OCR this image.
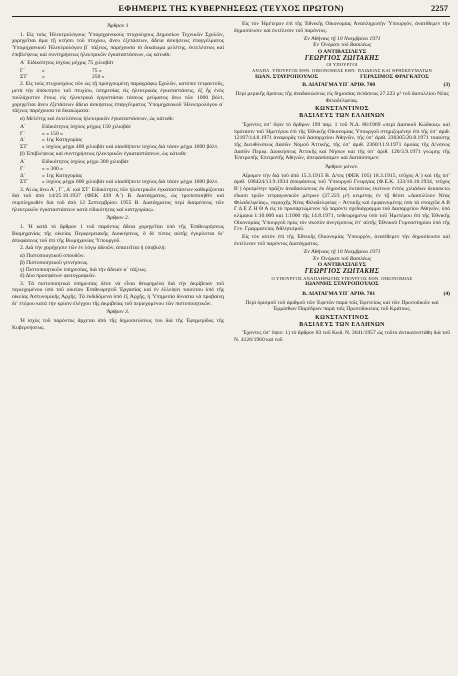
ΕΦΗΜΕΡΙΣ ΤΗΣ ΚΥΒΕΡΝΗΣΕΩΣ (ΤΕΥΧΟΣ ΠΡΩΤΟΝ)	2257
Ἄρθρον 1

1. Εἰς τοὺς Ἠλεκτρολόγους Ὑπομηχανικοὺς πτυχιούχους Δημοσίων Τεχνικῶν Σχολῶν, χορηγεῖται ἄμα τῇ κτήσει τοῦ πτυχίου, ἄνευ ἐξετάσεων, ἄδεια ἀσκήσεως ἐπαγγέλματος Ὑπομηχανικοῦ Ἠλεκτρολόγου β΄ τάξεως, παρέχουσα τὸ δικαίωμα μελέτης, ἐκτελέσεως καὶ ἐπιβλέψεως καὶ συντηρήσεως ἠλεκτρικῶν ἐγκαταστάσεων, ὡς κάτωθι:

Α΄ Εἰδικότητος ἰσχύος μέχρις 75 χιλιοβάτ

Γ΄	»	75 »
ΣΤ΄ »	250 »

2. Εἰς τοὺς πτυχιούχους τῶν ὡς τῇ προηγουμένῃ παραγράφῳ Σχολῶν, κατόπιν τετραετοῦς, μετὰ τὴν ἀπόκτησιν τοῦ πτυχίου, ὑπηρεσίας εἰς ἠλεκτρικὰς ἐγκαταστάσεις, ἐξ ἧς ἑνὸς τοὐλάχιστον ἔτους εἰς ἠλεκτρικὰ ἐργοστάσια τάσεως ρεύματος ἄνω τῶν 1000 βόλτ, χορηγεῖται ἄνευ ἐξετάσεων ἄδεια ἀσκήσεως ἐπαγγέλματος Ὑπομηχανικοῦ Ἠλεκτρολόγου α΄ τάξεως παρέχουσα τὰ δικαιώματα:

α) Μελέτης καὶ ἐκτελέσεως ἠλεκτρικῶν ἐγκαταστάσεων, ὡς κάτωθι:

Α΄	Εἰδικότητος ἰσχύος μέχρις 150 χιλιοβάτ
Γ΄	» » 150 »
Δ΄	» 1ης Κατηγορίας
ΣΤ΄ » ἰσχύος μέχρι 400 χιλιοβάτ καὶ οἱασδήποτε ἰσχύος διὰ τάσιν μέχρι 1000 βόλτ.

β) Ἐπιβλέψεως καὶ συντηρήσεως ἠλεκτρικῶν ἐγκαταστάσεων, ὡς κάτωθι:

Α΄	Εἰδικότητος ἰσχύος μέχρι 300 χιλιοβάτ
Γ΄	» » 300 »
Δ΄	» 1ης Κατηγορίας
ΣΤ΄ » ἰσχύος μέχρι 600 χιλιοβάτ καὶ οἱασδήποτε ἰσχύος διὰ τάσιν μέχρι 1000 βόλτ.

3. Αἱ ὡς ἄνω Α΄, Γ΄, Δ΄ καὶ ΣΤ΄ Εἰδικότητες τῶν ἠλεκτρικῶν ἐγκαταστάσεων καθορίζονται διὰ τοῦ ἀπὸ 14/25.10.1937 (ΦΕΚ 439 Α΄) Β. Διατάγματος, ὡς τροποποιηθὲν καὶ συμπληρωθὲν διὰ τοῦ ἀπὸ 12 Σεπτεμβρίου 1955 Β. Διατάγματος περὶ διαιρέσεως τῶν ἠλεκτρικῶν ἐγκαταστάσεων κατὰ εἰδικότητας καὶ κατηγορίας».

Ἄρθρον 2.

1. Ἡ κατὰ τὸ ἄρθρον 1 τοῦ παρόντος ἄδεια χορηγεῖται ὑπὸ τῆς Ἐπιθεωρήσεως Βιομηχανίας τῆς οἰκείας Περιφερειακῆς Διοικήσεως, ὅ δὲ τύπος αὐτῆς ἐγκρίνεται διʼ ἀποφάσεως τοῦ ἐπὶ τῆς Βιομηχανίας Ὑπουργοῦ.

2. Διὰ τὴν χορήγησιν τῶν ἐν λόγῳ ἀδειῶν, ἀπαιτεῖται ἡ ὑποβολή:

α) Πιστοποιητικοῦ σπουδῶν.
β) Πιστοποιητικοῦ γεννήσεως.
γ) Πιστοποιητικῶν ὑπηρεσίας, διὰ τὴν ἄδειαν α΄ τάξεως.
δ) Δύο προσφάτων φωτογραφιῶν.

3. Τὰ πιστοποιητικὰ ὑπηρεσίας δέον νὰ εἶναι θεωρημένα διὰ τὴν ἀκρίβειαν τοῦ περιεχομένου ὑπὸ τοῦ οἰκείου Ἐπιθεωρητοῦ Ἐργασίας καὶ ἐν ἐλλείψει τοιούτου ὑπὸ τῆς οἰκείας Ἀστυνομικῆς Ἀρχῆς. Τὰ ἐκδιδόμενα ὑπὸ ἐξ Ἀρχῆς, ἡ Ὑπηρεσία δύναται νὰ προβαίνῃ διʼ ἑτέρου κατὰ τὴν κρίσιν ἐλέγχου τῆς ἀκριβείας τοῦ περιεχομένου τῶν πιστοποιητικῶν.

Ἄρθρον 3.

Ἡ ἰσχὺς τοῦ παρόντος ἄρχεται ἀπὸ τῆς δημοσιεύσεως του διὰ τῆς Ἐφημερίδος τῆς Κυβερνήσεως.

Εἰς τὸν Ἡμέτερον ἐπὶ τῆς Ἐθνικῆς Οἰκονομίας Ἀναπληρωτὴν Ὑπουργόν, ἀνατίθεμεν τὴν δημοσίευσιν καὶ ἐκτέλεσιν τοῦ παρόντος.

Ἐν Ἀθήναις τῇ 10 Νοεμβρίου 1971
Ἐν Ὀνόματι τοῦ Βασιλέως
Ο ΑΝΤΙΒΑΣΙΛΕΥΣ
ΓΕΩΡΓΙΟΣ ΖΩΙΤΑΚΗΣ
ΟΙ ΥΠΟΥΡΓΟΙ
ΑΝΑΠΛ. ΥΠΟΥΡΓΟΣ ΕΘΝ. ΟΙΚΟΝΟΜΙΑΣ ΕΘΝ. ΠΑΙΔΕΙΑΣ ΚΑΙ ΘΡΗΣΚΕΥΜΑΤΩΝ
ΙΩΑΝ. ΣΤΑΥΡΟΠΟΥΛΟΣ	ΓΕΡΑΣΙΜΟΣ ΦΡΑΓΚΑΤΟΣ
Β. ΔΙΑΤΑΓΜΑ ΥΠ΄ ΑΡΙΘ. 700	(3)

Περὶ μερικῆς ἄρσεως τῆς ἀναδασώσεως εἰς δημοσίας ἐκτάσεως 27.223 μ² τοῦ δασυλλίου Νέας Φιλαδελφείας.

ΚΩΝΣΤΑΝΤΙΝΟΣ
ΒΑΣΙΛΕΥΣ ΤΩΝ ΕΛΛΗΝΩΝ

Ἔχοντες ὑπʼ ὄψιν τὸ ἄρθρον 199 παρ. 1 τοῦ Ν.Δ. 86/1969 «περὶ Δασικοῦ Κώδικος» καὶ πρότασιν τοῦ Ἡμετέρου ἐπὶ τῆς Ἐθνικῆς Οἰκονομίας Ὑπουργοῦ στηριζομένην ἐπὶ τῆς ὑπʼ ἀριθ. 12107/14.8.1971 ἀναφορᾶς τοῦ Δασαρχείου Ἀθηνῶν, τῆς ὑπʼ ἀριθ. 230305/20.8.1971 τοιαύτης τῆς Διευθύνσεως Δασῶν Νομοῦ Ἀττικῆς, τῆς ὑπʼ ἀριθ. 2360/11.9.1971 ὁμοίας τῆς Δ/νσεως Δασῶν Περιφ. Διοικήσεως Ἀττικῆς καὶ Νήσων καὶ τῆς ὑπʼ ἀριθ. 120/3.9.1971 γνώμης τῆς Ἐπιτροπῆς Ἐπιτροπῆς Ἀθηνῶν, ἀπεφασίσαμεν καὶ διατάσσομεν:

Ἄρθρον μόνον.

Αἴρομεν τὴν διὰ τοῦ ἀπὸ 15.3.1915 Β. Δ/τος (ΦΕΚ 105) 18.3.1915, τεῦχος Α΄) καὶ τῆς ὑπʼ ἀριθ. 108424/13.9.1934 ἀποφάσεως τοῦ Ὑπουργοῦ Γεωργίας (Φ.Ε.Κ. 133/16.10.1934, τεῦχος Β΄) ὁρισμένην πράξιν ἀναδασώσεως ἐκ δημοσίας ἐκτάσεως ἐκείνων ἐντὸς χιλιάδων δεκαοκτὼ εἴκοσι τριῶν τετραγωνικῶν μέτρων (27.223 μ²) κειμένης ἐν τῇ θέσει «Δασύλλιον Νέας Φιλαδελφείας», περιοχῆς Νέας Φιλαδελφείας – Ἀττικῆς καὶ ἐμφαινομένης ὑπὸ τὰ στοιχεῖα Α Β Γ Δ Ε Ζ Η Θ Α εἰς τὸ προσαρτώμενον τῷ παρόντι σχεδιάγραμμα τοῦ Δασαρχείου Ἀθηνῶν, ὑπὸ κλίμακα 1:10.000 καὶ 1:1000 τῆς 14.8.1971, τεθεωρημένῳ ὑπὸ τοῦ Ἡμετέρου ἐπὶ τῆς Ἐθνικῆς Οἰκονομίας Ὑπουργοῦ πρὸς τὸν σκοπὸν ἀνεγέρσεως ἐπʼ αὐτῆς Ἐθνικοῦ Γυμναστηρίου ὑπὸ τῆς Γεν. Γραμματείας Ἀθλητισμοῦ.

Εἰς τὸν αὐτὸν ἐπὶ τῆς Ἐθνικῆς Οἰκονομίας Ὑπουργόν, ἀνατίθεμεν τὴν δημοσίευσιν καὶ ἐκτέλεσιν τοῦ παρόντος Διατάγματος.

Ἐν Ἀθήναις τῇ 10 Νοεμβρίου 1971
Ἐν Ὀνόματι τοῦ Βασιλέως
Ο ΑΝΤΙΒΑΣΙΛΕΥΣ
ΓΕΩΡΓΙΟΣ ΖΩΙΤΑΚΗΣ
Ο ΥΠΟΥΡΓΟΣ ΑΝΑΠΛΗΡΩΤΗΣ ΥΠΟΥΡΓΟΣ ΕΘΝ. ΟΙΚΟΝΟΜΙΑΣ
ΙΩΑΝΝΗΣ ΣΤΑΥΡΟΠΟΥΛΟΣ
Β. ΔΙΑΤΑΓΜΑ ΥΠ΄ ΑΡΙΘ. 701	(4)

Περὶ ὁρισμοῦ τοῦ ἀριθμοῦ τῶν Ἐφετῶν παρὰ τοῖς Ἐφετείοις καὶ τῶν Πρωτοδικῶν καὶ Ἐμμίσθων Παρέδρων παρὰ τοῖς Πρωτοδικείοις τοῦ Κράτους.

ΚΩΝΣΤΑΝΤΙΝΟΣ
ΒΑΣΙΛΕΥΣ ΤΩΝ ΕΛΛΗΝΩΝ

Ἔχοντες ὑπʼ ὄψιν: 1) τὸ ἄρθρον 83 τοῦ Κωδ. Ν. 3641/1957 ὡς τοῦτο ἀντικατεστάθη διὰ τοῦ Ν. 4126/1960 καὶ τοῦ
